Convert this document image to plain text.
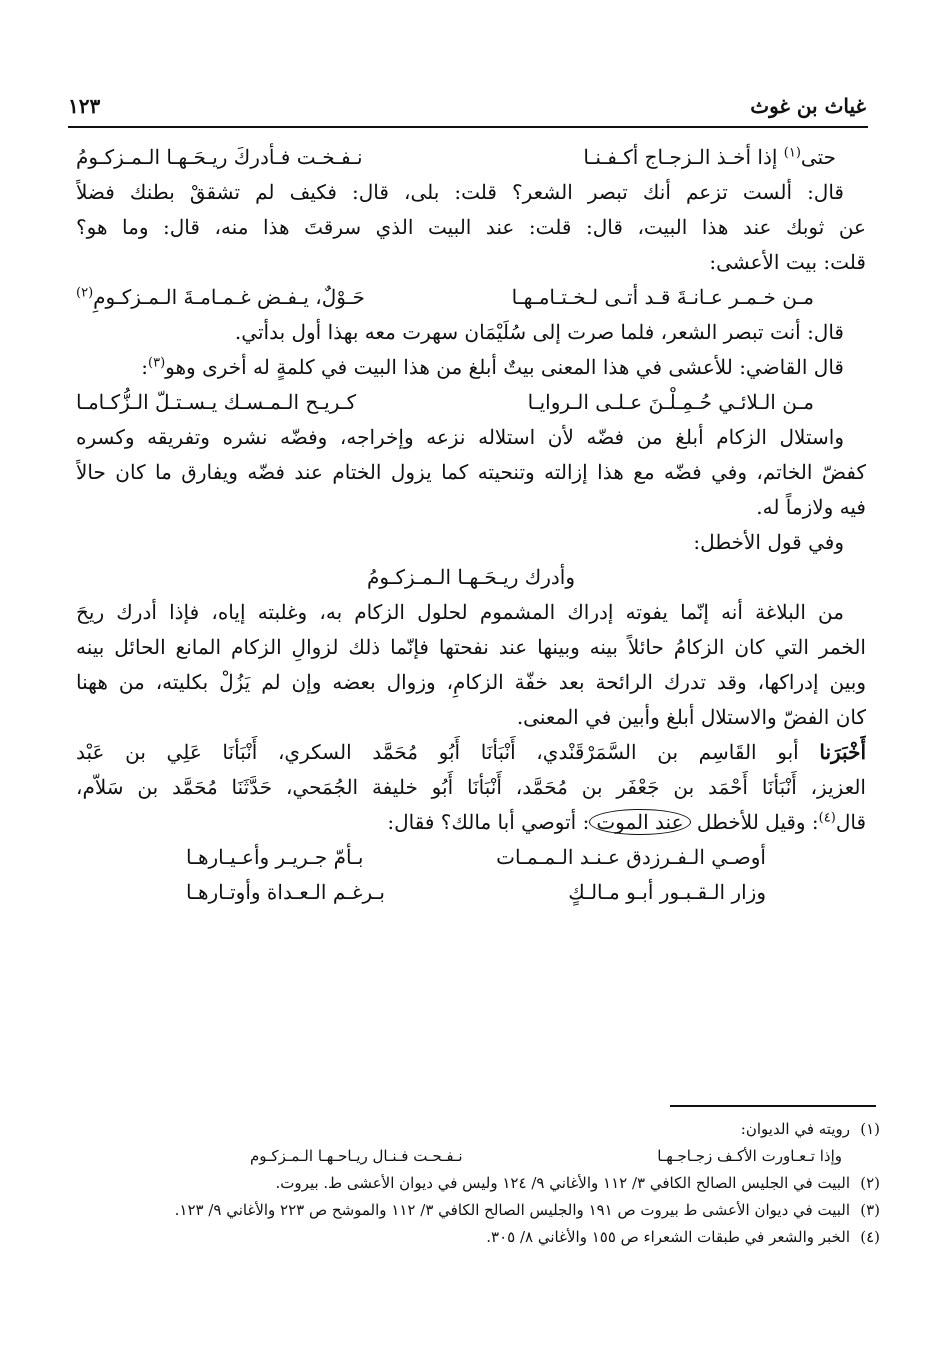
١٢٣	غياث بن غوث
حتى$^{(١)}$ إذا أخـذ الـزجـاج أكـفـنـا
نـفـخـت فـأدركَ ريـحَـهـا الـمـزكـومُ
قال: ألست تزعم أنك تبصر الشعر؟ قلت: بلى، قال: فكيف لم تشققْ بطنك فضلاً
عن ثوبك عند هذا البيت، قال: قلت: عند البيت الذي سرقتَ هذا منه، قال: وما هو؟
قلت: بيت الأعشى:
مـن خـمـر عـانـةَ قـد أتـى لـخـتـامـهـا
حَـوْلٌ، يـفـض غـمـامـةَ الـمـزكـومِ$^{(٢)}$
قال: أنت تبصر الشعر، فلما صرت إلى سُلَيْمَان سهرت معه بهذا أول بدأتي.
قال القاضي: للأعشى في هذا المعنى بيتٌ أبلغ من هذا البيت في كلمةٍ له أخرى وهو$^{(٣)}$:
مـن الـلائـي حُـمِـلْـنَ عـلـى الـروايـا
كـريـح الـمـسـك يـسـتـلّ الـزُّكـامـا
واستلال الزكام أبلغ من فضّه لأن استلاله نزعه وإخراجه، وفضّه نشره وتفريقه وكسره
كفضّ الخاتم، وفي فضّه مع هذا إزالته وتنحيته كما يزول الختام عند فضّه ويفارق ما كان حالاً
فيه ولازماً له.
وفي قول الأخطل:
وأدرك ريـحَـهـا الـمـزكـومُ
من البلاغة أنه إنّما يفوته إدراك المشموم لحلول الزكام به، وغلبته إياه، فإذا أدرك ريحَ
الخمر التي كان الزكامُ حائلاً بينه وبينها عند نفحتها فإنّما ذلك لزوالِ الزكام المانع الحائل بينه
وبين إدراكها، وقد تدرك الرائحة بعد خفّة الزكامِ، وزوال بعضه وإن لم يَزُلْ بكليته، من ههنا
كان الفضّ والاستلال أبلغ وأبين في المعنى.
أَخْبَرَنا أبو القَاسِم بن السَّمَرْقَنْدي، أَنْبَأنَا أَبُو مُحَمَّد السكري، أَنْبَأنَا عَلِي بن عَبْد
العزيز، أَنْبَأنَا أَحْمَد بن جَعْفَر بن مُحَمَّد، أَنْبَأنَا أَبُو خليفة الجُمَحي، حَدَّثَنَا مُحَمَّد بن سَلاّم،
قال$^{(٤)}$: وقيل للأخطل عند الموت: أتوصي أبا مالك؟ فقال:
أوصـي الـفـرزدق عـنـد الـمـمـات
بـأمّ جـريـر وأعـيـارهـا
وزار الـقـبـور أبـو مـالـكٍ
بـرغـم الـعـداة وأوتـارهـا
(١)
رويته في الديوان:
وإذا تـعـاورت الأكـف زجـاجـهـا
نـفـحـت فـنـال ريـاحـهـا الـمـزكـوم
(٢)
البيت في الجليس الصالح الكافي ٣/ ١١٢ والأغاني ٩/ ١٢٤ وليس في ديوان الأعشى ط. بيروت.
(٣)
البيت في ديوان الأعشى ط بيروت ص ١٩١ والجليس الصالح الكافي ٣/ ١١٢ والموشح ص ٢٢٣ والأغاني ٩/ ١٢٣.
(٤)
الخبر والشعر في طبقات الشعراء ص ١٥٥ والأغاني ٨/ ٣٠٥.
